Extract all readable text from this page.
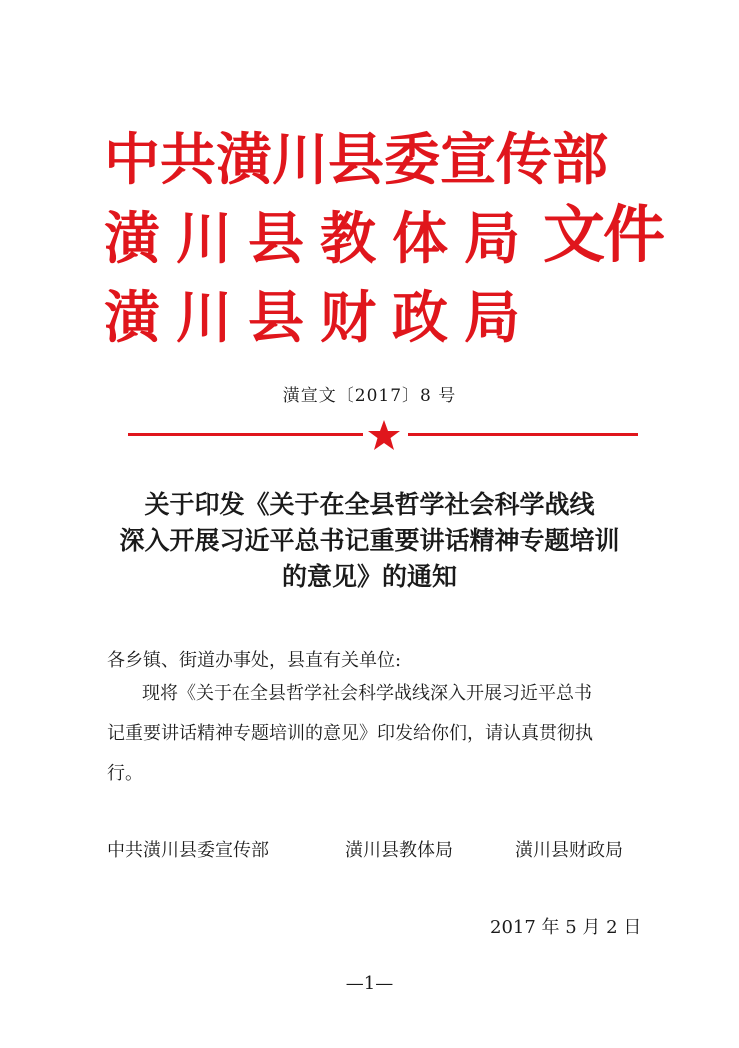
中共潢川县委宣传部
潢川县教体局
潢川县财政局
文件
潢宣文〔2017〕8 号
关于印发《关于在全县哲学社会科学战线
深入开展习近平总书记重要讲话精神专题培训
的意见》的通知
各乡镇、街道办事处，县直有关单位:
现将《关于在全县哲学社会科学战线深入开展习近平总书
记重要讲话精神专题培训的意见》印发给你们，请认真贯彻执
行。
中共潢川县委宣传部	潢川县教体局	潢川县财政局
2017 年 5 月 2 日
—1—
